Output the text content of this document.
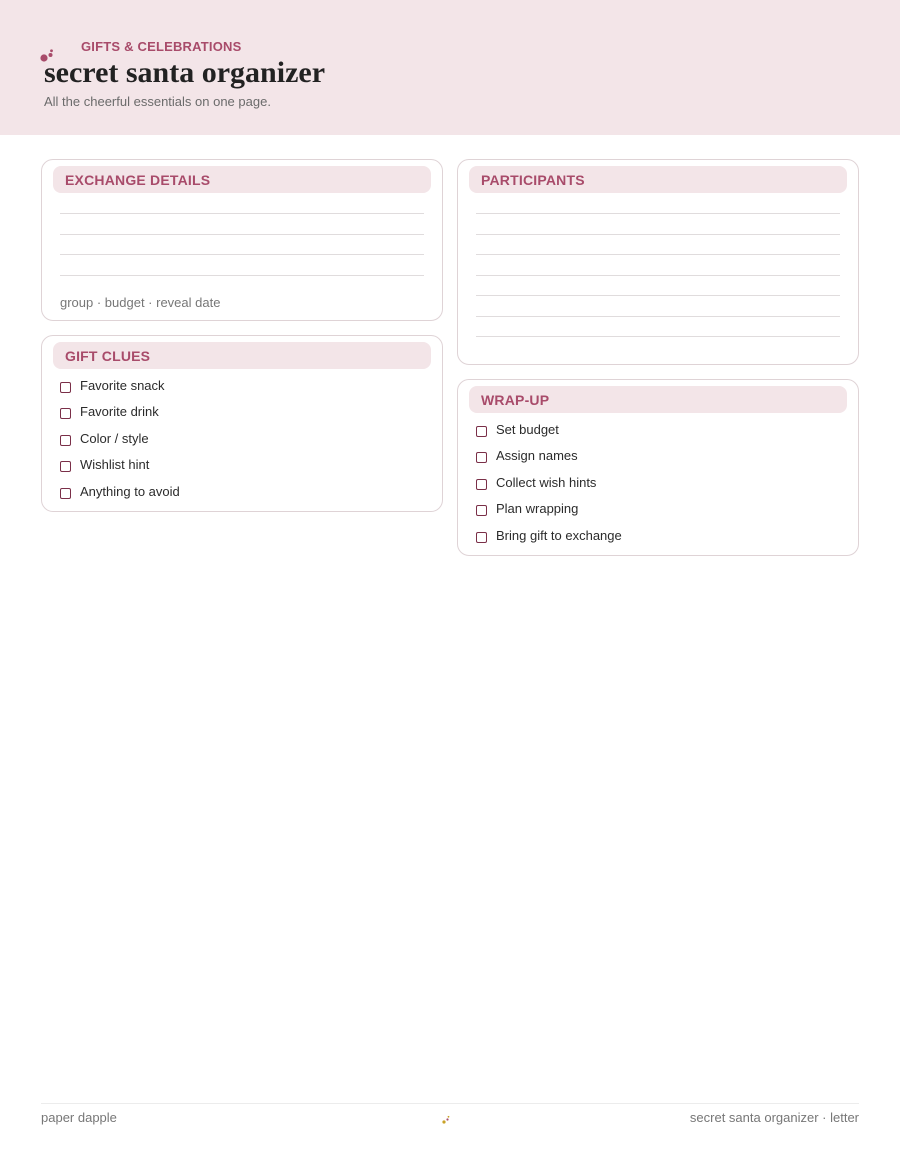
GIFTS & CELEBRATIONS
secret santa organizer
All the cheerful essentials on one page.
EXCHANGE DETAILS
group · budget · reveal date
PARTICIPANTS
GIFT CLUES
Favorite snack
Favorite drink
Color / style
Wishlist hint
Anything to avoid
WRAP-UP
Set budget
Assign names
Collect wish hints
Plan wrapping
Bring gift to exchange
paper dapple	secret santa organizer · letter
